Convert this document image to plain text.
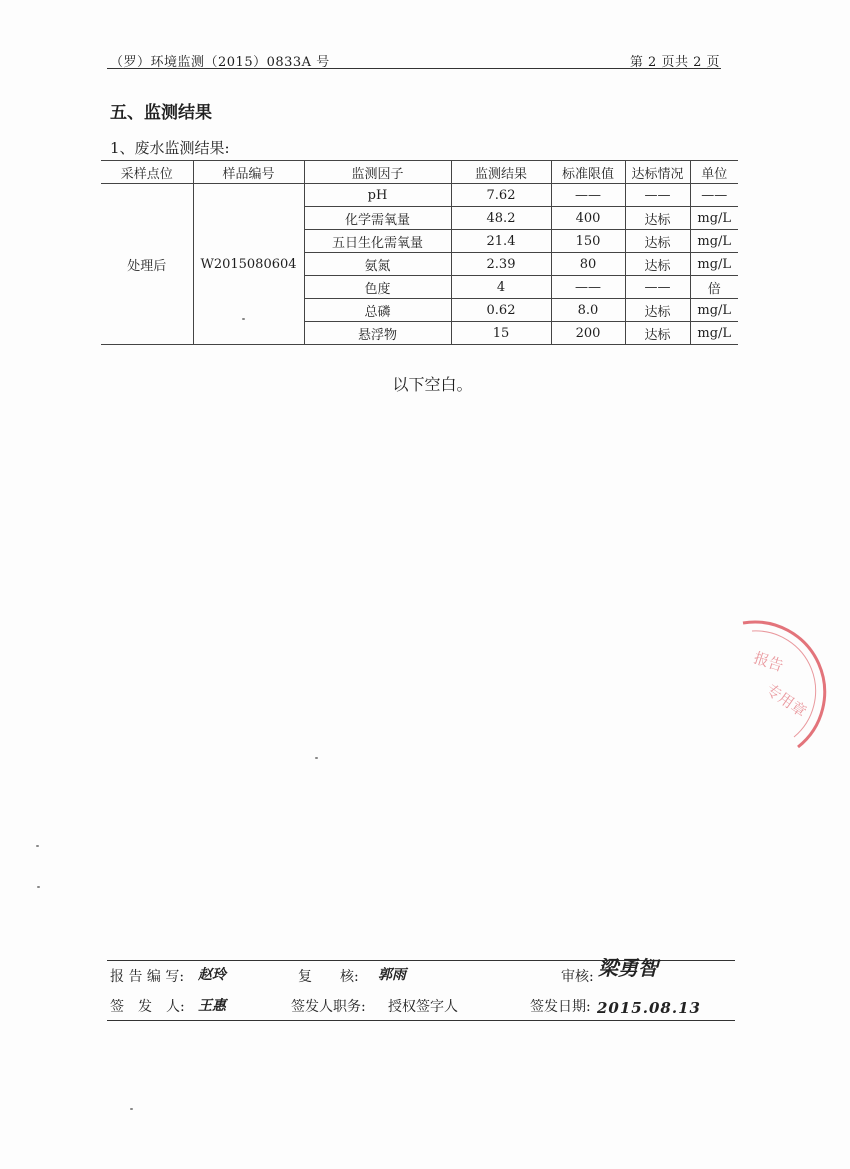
（罗）环境监测（2015）0833A 号	第 2 页共 2 页
五、监测结果
1、废水监测结果:
采样点位	样品编号	监测因子	监测结果	标准限值	达标情况	单位
处理后	W2015080604	pH	7.62	——	——	——
		化学需氧量	48.2	400	达标	mg/L
		五日生化需氧量	21.4	150	达标	mg/L
		氨氮	2.39	80	达标	mg/L
		色度	4	——	——	倍
		总磷	0.62	8.0	达标	mg/L
		悬浮物	15	200	达标	mg/L
以下空白。
报告
专用章
报 告 编 写: 赵玲	复　　核: 郭雨	审核: 梁勇智
签　发　人: 王惠	签发人职务: 授权签字人	签发日期: 2015.08.13
